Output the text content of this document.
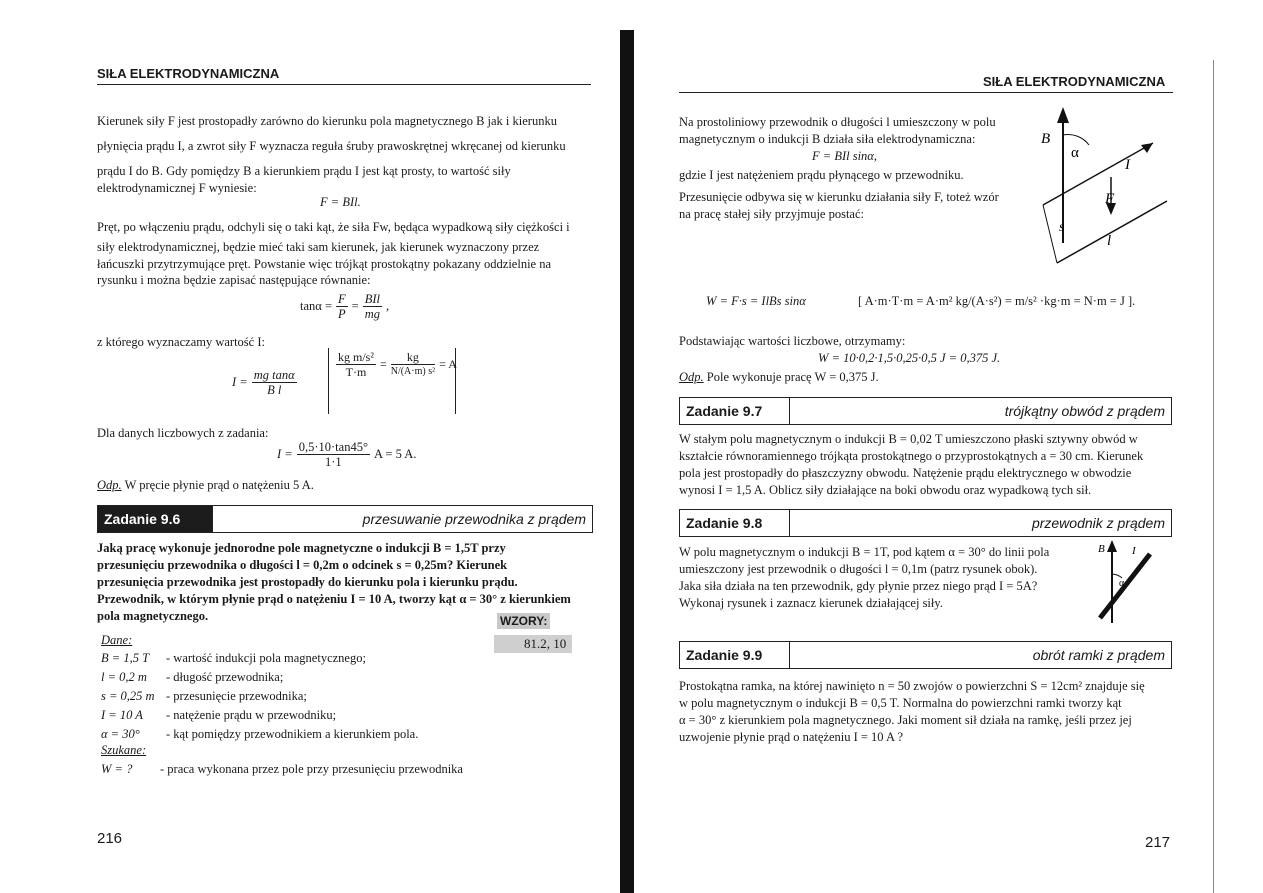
SIŁA ELEKTRODYNAMICZNA
Kierunek siły F jest prostopadły zarówno do kierunku pola magnetycznego B jak i kierunku
płynięcia prądu I, a zwrot siły F wyznacza reguła śruby prawoskrętnej wkręcanej od kierunku
prądu I do B. Gdy pomiędzy B a kierunkiem prądu I jest kąt prosty, to wartość siły
elektrodynamicznej F wyniesie:
F = BIl.
Pręt, po włączeniu prądu, odchyli się o taki kąt, że siła Fw, będąca wypadkową siły ciężkości i
siły elektrodynamicznej, będzie mieć taki sam kierunek, jak kierunek wyznaczony przez
łańcuszki przytrzymujące pręt. Powstanie więc trójkąt prostokątny pokazany oddzielnie na
rysunku i można będzie zapisać następujące równanie:
$\tan\alpha = \frac{F}{P} = \frac{\text{BIl}}{mg}$ ,
z którego wyznaczamy wartość I:
$I = \frac{\text{mg tanα}}{\text{B l}}$
$\frac{\text{kg m/s²}}{T\cdot m} = \frac{kg}{\text{N/(A·m) s²}} = A$
Dla danych liczbowych z zadania:
$I = \frac{0,5\cdot 10\cdot\tan 45^\circ}{1\cdot 1}$ A = 5 A.
Odp. W pręcie płynie prąd o natężeniu 5 A.
Zadanie 9.6	przesuwanie przewodnika z prądem
Jaką pracę wykonuje jednorodne pole magnetyczne o indukcji B = 1,5T przy
przesunięciu przewodnika o długości l = 0,2m o odcinek s = 0,25m? Kierunek
przesunięcia przewodnika jest prostopadły do kierunku pola i kierunku prądu.
Przewodnik, w którym płynie prąd o natężeniu I = 10 A, tworzy kąt α = 30° z kierunkiem
pola magnetycznego.	WZORY:
81.2, 10
Dane:
B = 1,5 T - wartość indukcji pola magnetycznego;
l = 0,2 m - długość przewodnika;
s = 0,25 m - przesunięcie przewodnika;
I = 10 A - natężenie prądu w przewodniku;
α = 30° - kąt pomiędzy przewodnikiem a kierunkiem pola.
Szukane:
W = ? - praca wykonana przez pole przy przesunięciu przewodnika
216
SIŁA ELEKTRODYNAMICZNA
Na prostoliniowy przewodnik o długości l umieszczony w polu
magnetycznym o indukcji B działa siła elektrodynamiczna:
F = BIl sinα,
gdzie I jest natężeniem prądu płynącego w przewodniku.
Przesunięcie odbywa się w kierunku działania siły F, toteż wzór
na pracę stałej siły przyjmuje postać:
B
α
I
F
s
l
W = F·s = IlBs sinα	[ A·m·T·m = A·m² kg/(A·s²) = m/s² ·kg·m = N·m = J ].
Podstawiając wartości liczbowe, otrzymamy:
W = 10·0,2·1,5·0,25·0,5 J = 0,375 J.
Odp. Pole wykonuje pracę W = 0,375 J.
Zadanie 9.7	trójkątny obwód z prądem
W stałym polu magnetycznym o indukcji B = 0,02 T umieszczono płaski sztywny obwód w
kształcie równoramiennego trójkąta prostokątnego o przyprostokątnych a = 30 cm. Kierunek
pola jest prostopadły do płaszczyzny obwodu. Natężenie prądu elektrycznego w obwodzie
wynosi I = 1,5 A. Oblicz siły działające na boki obwodu oraz wypadkową tych sił.
Zadanie 9.8	przewodnik z prądem
W polu magnetycznym o indukcji B = 1T, pod kątem α = 30° do linii pola
umieszczony jest przewodnik o długości l = 0,1m (patrz rysunek obok).
Jaka siła działa na ten przewodnik, gdy płynie przez niego prąd I = 5A?
Wykonaj rysunek i zaznacz kierunek działającej siły.
B
α
I
Zadanie 9.9	obrót ramki z prądem
Prostokątna ramka, na której nawinięto n = 50 zwojów o powierzchni S = 12cm² znajduje się
w polu magnetycznym o indukcji B = 0,5 T. Normalna do powierzchni ramki tworzy kąt
α = 30° z kierunkiem pola magnetycznego. Jaki moment sił działa na ramkę, jeśli przez jej
uzwojenie płynie prąd o natężeniu I = 10 A ?
217
